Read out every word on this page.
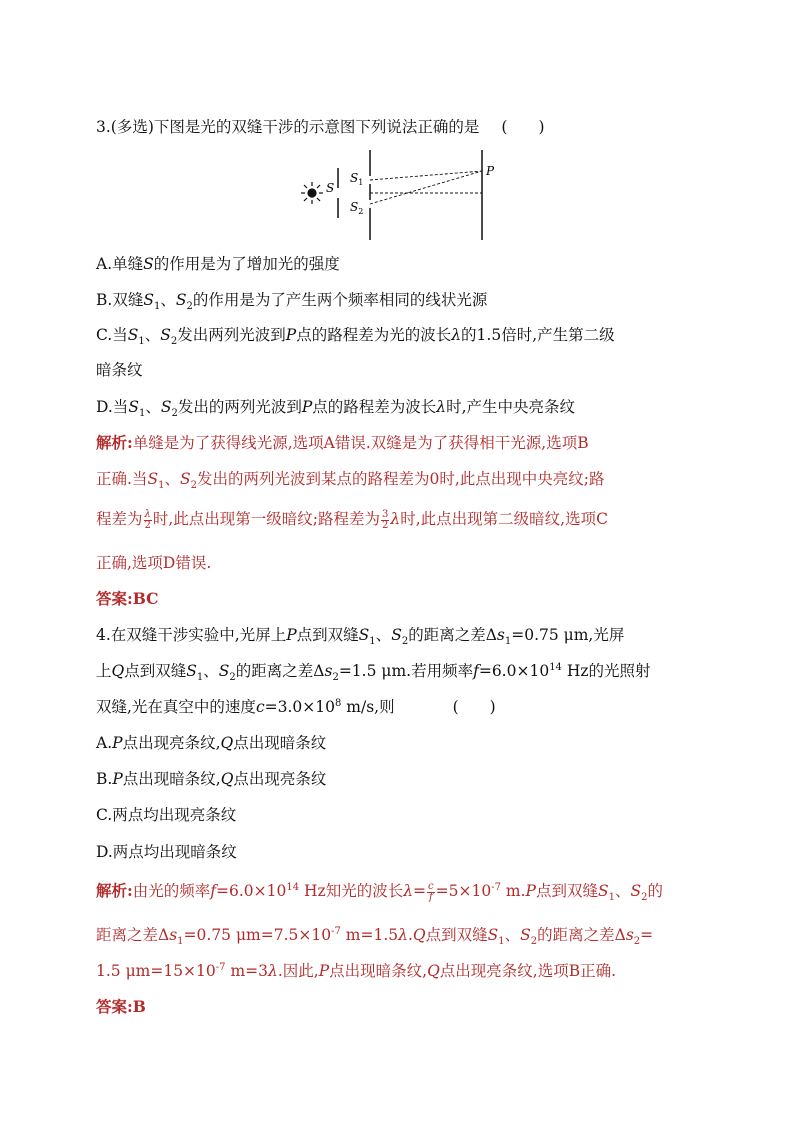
3.(多选)下图是光的双缝干涉的示意图下列说法正确的是 (　　)
S
$S_1$
$S_2$
P
A.单缝S的作用是为了增加光的强度
B.双缝$S_1$、$S_2$的作用是为了产生两个频率相同的线状光源
C.当$S_1$、$S_2$发出两列光波到P点的路程差为光的波长λ的1.5倍时,产生第二级
暗条纹
D.当$S_1$、$S_2$发出的两列光波到P点的路程差为波长λ时,产生中央亮条纹
解析:单缝是为了获得线光源,选项A错误.双缝是为了获得相干光源,选项B
正确.当$S_1$、$S_2$发出的两列光波到某点的路程差为0时,此点出现中央亮纹;路
程差为 $\frac{\lambda}{2}$ 时,此点出现第一级暗纹;路程差为 $\frac{3}{2}$ λ时,此点出现第二级暗纹,选项C
正确,选项D错误.
答案:BC
4.在双缝干涉实验中,光屏上P点到双缝$S_1$、$S_2$的距离之差$\Delta s_1=0.75$ μm,光屏
上Q点到双缝$S_1$、$S_2$的距离之差$\Delta s_2=1.5$ μm.若用频率$f=6.0\times 10^{14}$ Hz的光照射
双缝,光在真空中的速度$c=3.0\times 10^8$ m/s,则	(　　)
A.P点出现亮条纹,Q点出现暗条纹
B.P点出现暗条纹,Q点出现亮条纹
C.两点均出现亮条纹
D.两点均出现暗条纹
解析:由光的频率$f=6.0\times 10^{14}$ Hz知光的波长$\lambda= \frac{c}{f}=5\times 10^{-7}$ m.P点到双缝$S_1$、$S_2$的
距离之差$\Delta s_1=0.75$ $\mu m=7.5\times 10^{-7}$ m=1.5λ.Q点到双缝$S_1$、$S_2$的距离之差$\Delta s_2=$
1.5 $\mu m=15\times 10^{-7}$ m=3λ.因此,P点出现暗条纹,Q点出现亮条纹,选项B正确.
答案:B
